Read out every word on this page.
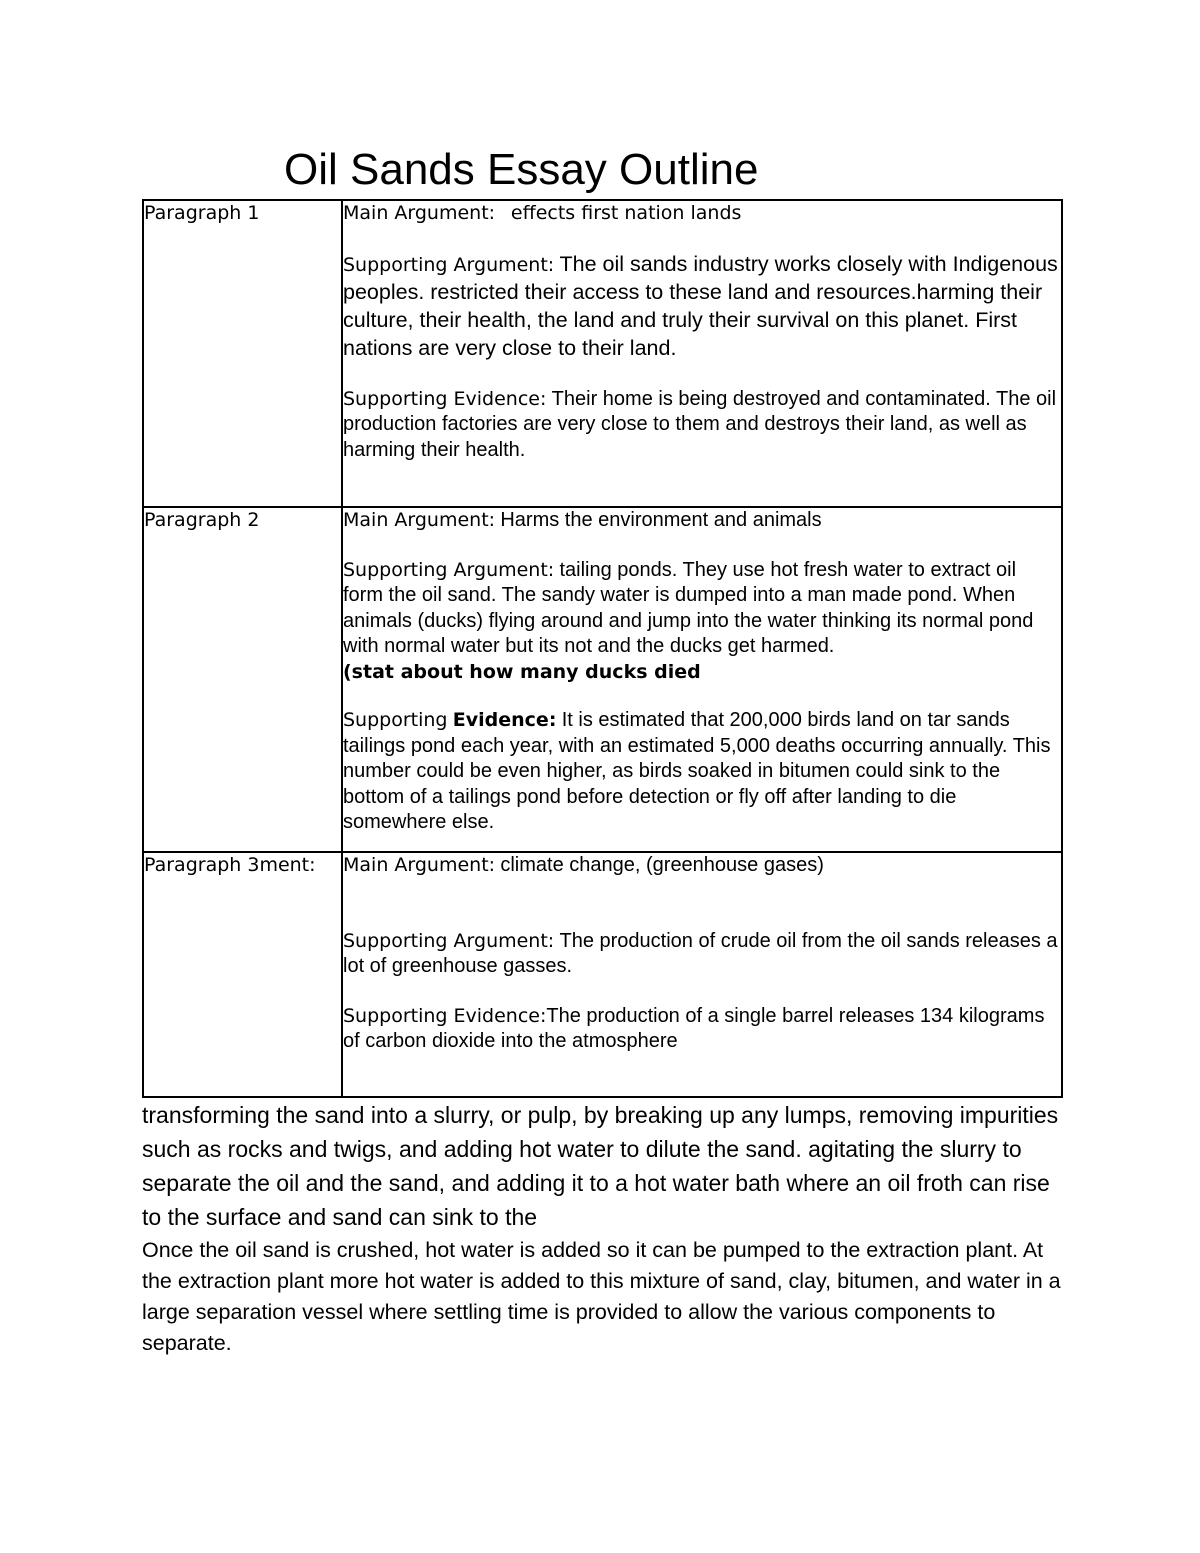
Oil Sands Essay Outline
Paragraph 1	Main Argument: effects first nation lands

Supporting Argument: The oil sands industry works closely with Indigenous peoples. restricted their access to these land and resources.harming their culture, their health, the land and truly their survival on this planet. First nations are very close to their land.

Supporting Evidence: Their home is being destroyed and contaminated. The oil production factories are very close to them and destroys their land, as well as harming their health.

Paragraph 2	Main Argument: Harms the environment and animals

Supporting Argument: tailing ponds. They use hot fresh water to extract oil form the oil sand. The sandy water is dumped into a man made pond. When animals (ducks) flying around and jump into the water thinking its normal pond with normal water but its not and the ducks get harmed.
(stat about how many ducks died

Supporting Evidence: It is estimated that 200,000 birds land on tar sands tailings pond each year, with an estimated 5,000 deaths occurring annually. This number could be even higher, as birds soaked in bitumen could sink to the bottom of a tailings pond before detection or fly off after landing to die somewhere else.

Paragraph 3ment:	Main Argument: climate change, (greenhouse gases)

Supporting Argument: The production of crude oil from the oil sands releases a lot of greenhouse gasses.

Supporting Evidence:The production of a single barrel releases 134 kilograms of carbon dioxide into the atmosphere

transforming the sand into a slurry, or pulp, by breaking up any lumps, removing impurities such as rocks and twigs, and adding hot water to dilute the sand. agitating the slurry to separate the oil and the sand, and adding it to a hot water bath where an oil froth can rise to the surface and sand can sink to the

Once the oil sand is crushed, hot water is added so it can be pumped to the extraction plant. At the extraction plant more hot water is added to this mixture of sand, clay, bitumen, and water in a large separation vessel where settling time is provided to allow the various components to separate.
